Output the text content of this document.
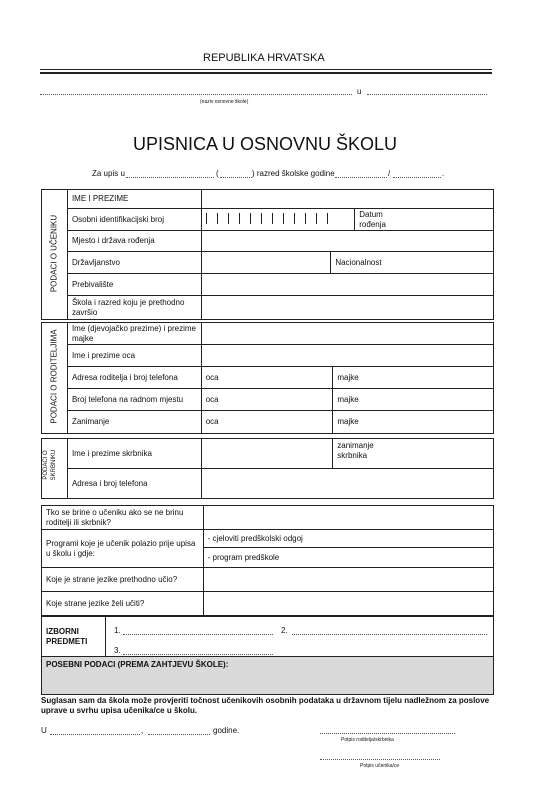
REPUBLIKA HRVATSKA
u
(naziv osnovne škole)
UPISNICA U OSNOVNU ŠKOLU
Za upis u	(	) razred školske godine	/	.
	IME I PREZIME			
	Osobni identifikacijski broj			Datum rođenja

	Mjesto i država rođenja			
	Državljanstvo		Nacionalnost	
	Prebivalište			
	Škola i razred koju je prethodno završio			
PODACI O UČENIKU
	Ime (djevojačko prezime) i prezime majke		
	Ime i prezime oca		
	Adresa roditelja i broj telefona	oca	majke
	Broj telefona na radnom mjestu	oca	majke
	Zanimanje	oca	majke
PODACI O RODITELJIMA
	Ime i prezime skrbnika		zanimanje skrbnika

	Adresa i broj telefona		
PODACI O SKRBNIKU
Tko se brine o učeniku ako se ne brinu roditelji ili skrbnik?	
Programi koje je učenik polazio prije upisa u školu i gdje:	- cjeloviti predškolski odgoj
	- program predškole
Koje je strane jezike prethodno učio?	
Koje strane jezike želi učiti?	
IZBORNI PREDMETI	
POSEBNI PODACI (PREMA ZAHTJEVU ŠKOLE):
1.	2.
3.
Suglasan sam da škola može provjeriti točnost učenikovih osobnih podataka u državnom tijelu nadležnom za poslove uprave u svrhu upisa učenika/ce u školu.
U	,	godine.
Potpis roditelja/skrbnika
Potpis učenika/ce
